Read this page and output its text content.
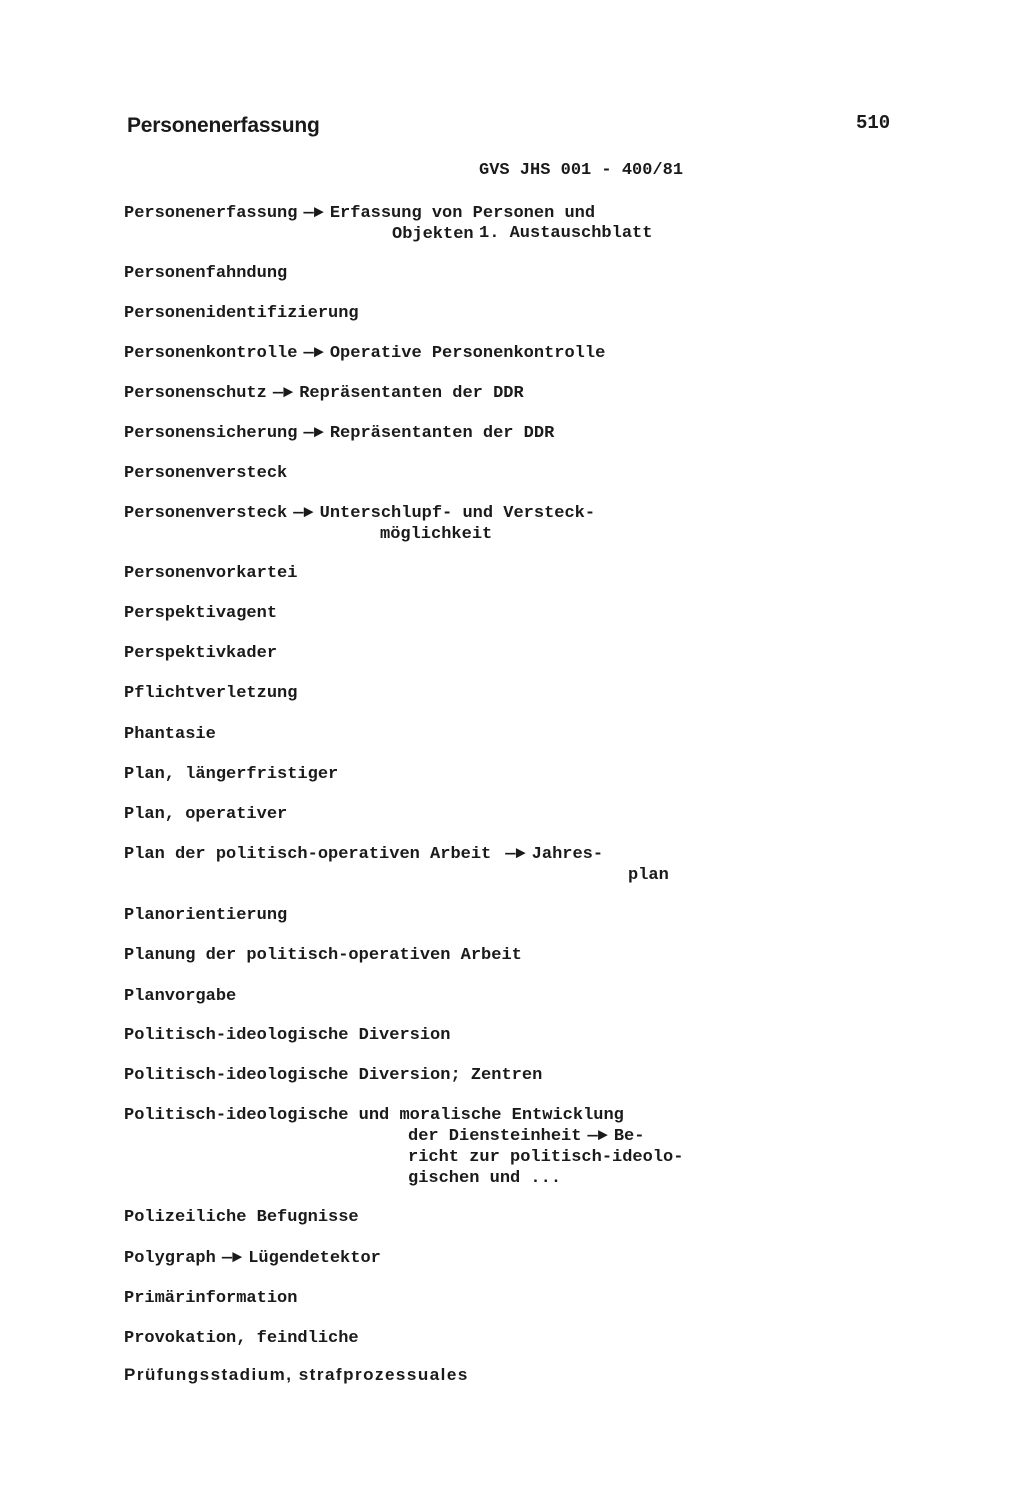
Personenerfassung

GVS JHS 001 - 400/81

1. Austauschblatt

510
Personenerfassung —► Erfassung von Personen und
Objekten
Personenfahndung
Personenidentifizierung
Personenkontrolle —► Operative Personenkontrolle
Personenschutz —► Repräsentanten der DDR
Personensicherung —► Repräsentanten der DDR
Personenversteck
Personenversteck —► Unterschlupf- und Versteck-
möglichkeit
Personenvorkartei
Perspektivagent
Perspektivkader
Pflichtverletzung
Phantasie
Plan, längerfristiger
Plan, operativer
Plan der politisch-operativen Arbeit —► Jahres-
plan
Planorientierung
Planung der politisch-operativen Arbeit
Planvorgabe
Politisch-ideologische Diversion
Politisch-ideologische Diversion; Zentren
Politisch-ideologische und moralische Entwicklung
der Diensteinheit —► Be-
richt zur politisch-ideolo-
gischen und ...
Polizeiliche Befugnisse
Polygraph —► Lügendetektor
Primärinformation
Provokation, feindliche
Prüfungsstadium, strafprozessuales
